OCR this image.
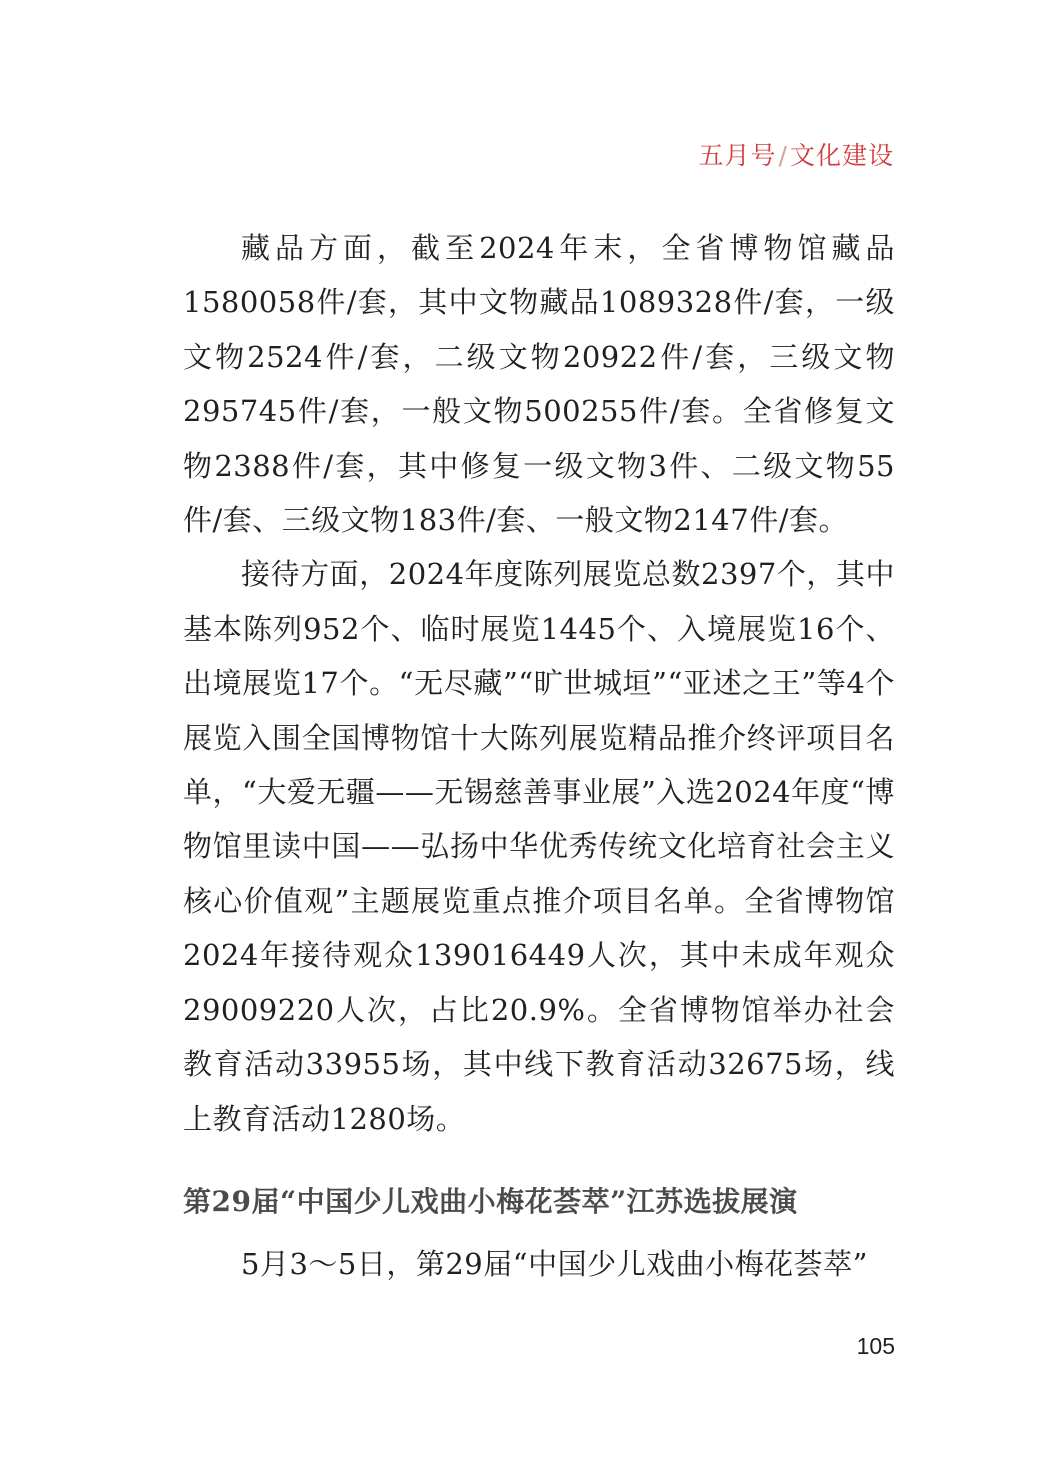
五月号/文化建设

藏品方面，截至2024年末，全省博物馆藏品1580058件/套，其中文物藏品1089328件/套，一级文物2524件/套，二级文物20922件/套，三级文物295745件/套，一般文物500255件/套。全省修复文物2388件/套，其中修复一级文物3件、二级文物55件/套、三级文物183件/套、一般文物2147件/套。

接待方面，2024年度陈列展览总数2397个，其中基本陈列952个、临时展览1445个、入境展览16个、出境展览17个。“无尽藏”“旷世城垣”“亚述之王”等4个展览入围全国博物馆十大陈列展览精品推介终评项目名单，“大爱无疆——无锡慈善事业展”入选2024年度“博物馆里读中国——弘扬中华优秀传统文化培育社会主义核心价值观”主题展览重点推介项目名单。全省博物馆2024年接待观众139016449人次，其中未成年观众29009220人次，占比20.9%。全省博物馆举办社会教育活动33955场，其中线下教育活动32675场，线上教育活动1280场。

第29届“中国少儿戏曲小梅花荟萃”江苏选拔展演

5月3～5日，第29届“中国少儿戏曲小梅花荟萃”

105
